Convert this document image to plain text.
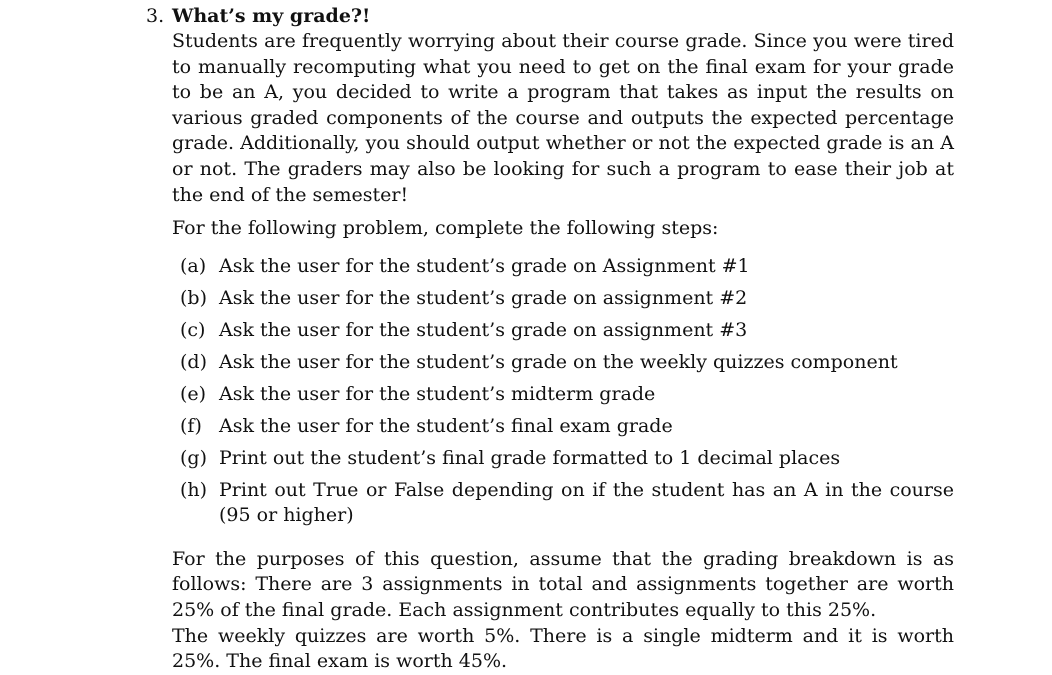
3. What’s my grade?!

Students are frequently worrying about their course grade. Since you were tired to manually recomputing what you need to get on the final exam for your grade to be an A, you decided to write a program that takes as input the results on various graded components of the course and outputs the expected percentage grade. Additionally, you should output whether or not the expected grade is an A or not. The graders may also be looking for such a program to ease their job at the end of the semester!

For the following problem, complete the following steps:

(a) Ask the user for the student’s grade on Assignment #1
(b) Ask the user for the student’s grade on assignment #2
(c) Ask the user for the student’s grade on assignment #3
(d) Ask the user for the student’s grade on the weekly quizzes component
(e) Ask the user for the student’s midterm grade
(f) Ask the user for the student’s final exam grade
(g) Print out the student’s final grade formatted to 1 decimal places
(h) Print out True or False depending on if the student has an A in the course (95 or higher)

For the purposes of this question, assume that the grading breakdown is as follows: There are 3 assignments in total and assignments together are worth 25% of the final grade. Each assignment contributes equally to this 25%.

The weekly quizzes are worth 5%. There is a single midterm and it is worth 25%. The final exam is worth 45%.
